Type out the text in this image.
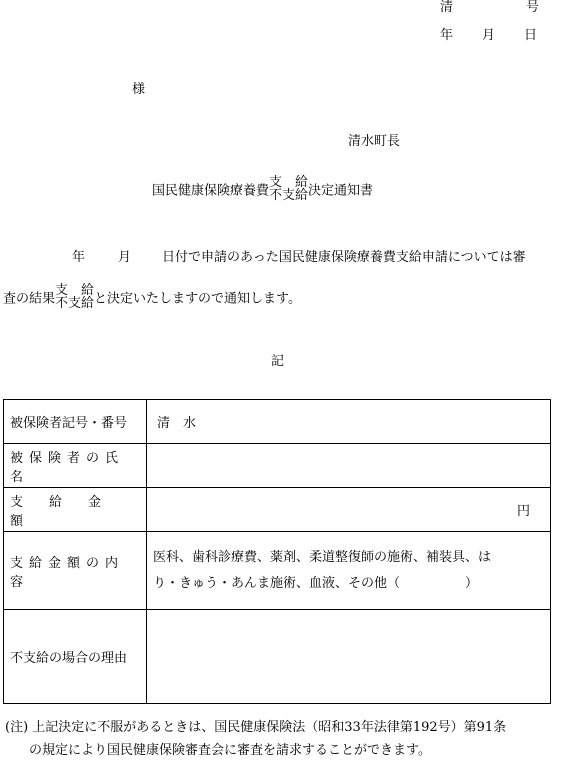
清	号
年 月 日
様
清水町長
国民健康保険療養費
支　給
不支給 決定通知書
年	月 日付で申請のあった国民健康保険療養費支給申請については審
査の結果
支　給
不支給 と決定いたしますので通知します。
記
被保険者記号・番号	清　水

被保険者の氏名	

支給金額	円

支給金額の内容	医科、歯科診療費、薬剤、柔道整復師の施術、補装具、は
り・きゅう・あんま施術、血液、その他（　　　　　）

不支給の場合の理由	
(注) 上記決定に不服があるときは、国民健康保険法（昭和33年法律第192号）第91条
の規定により国民健康保険審査会に審査を請求することができます。
